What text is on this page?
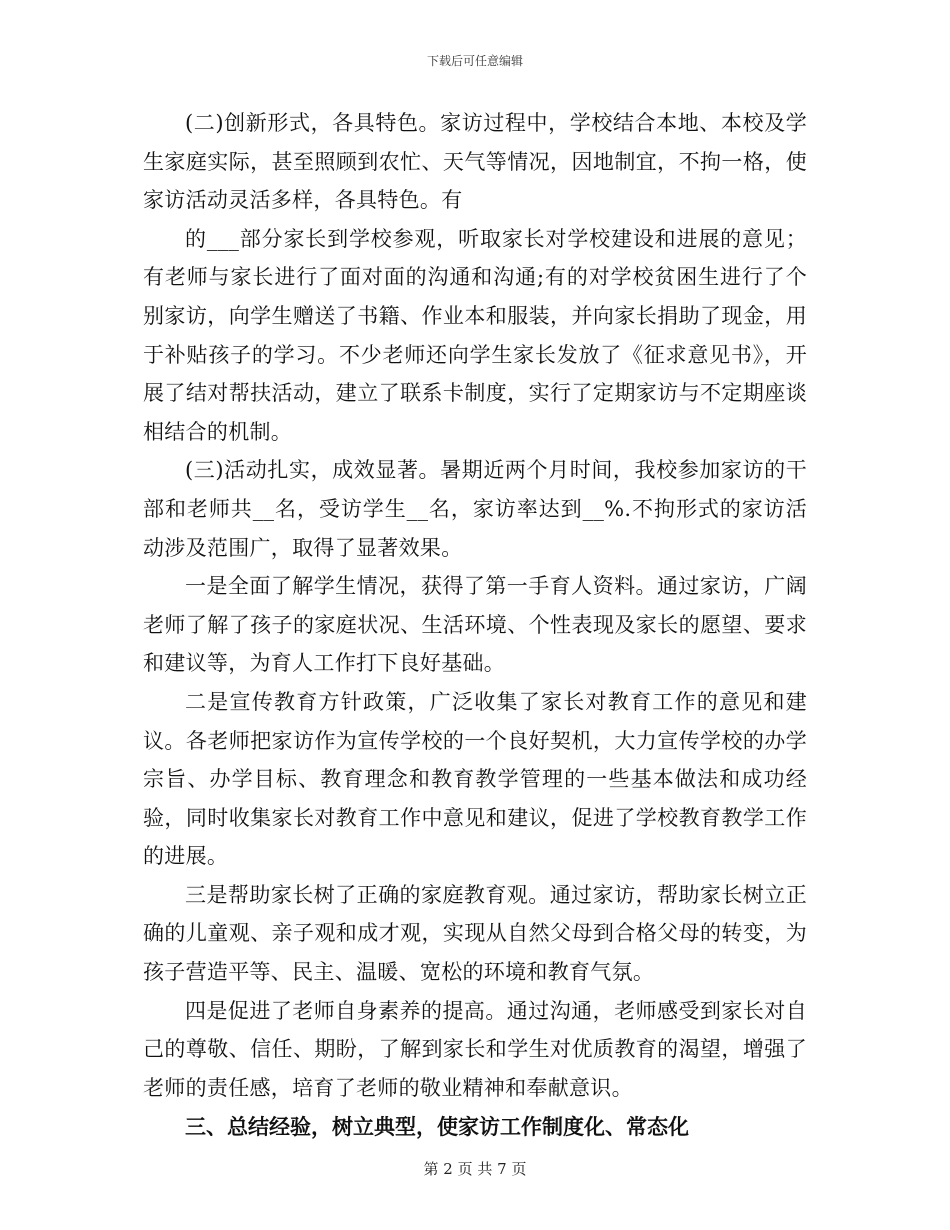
下载后可任意编辑

(二)创新形式，各具特色。家访过程中，学校结合本地、本校及学生家庭实际，甚至照顾到农忙、天气等情况，因地制宜，不拘一格，使家访活动灵活多样，各具特色。有

的___部分家长到学校参观，听取家长对学校建设和进展的意见；有老师与家长进行了面对面的沟通和沟通;有的对学校贫困生进行了个别家访，向学生赠送了书籍、作业本和服装，并向家长捐助了现金，用于补贴孩子的学习。不少老师还向学生家长发放了《征求意见书》，开展了结对帮扶活动，建立了联系卡制度，实行了定期家访与不定期座谈相结合的机制。

(三)活动扎实，成效显著。暑期近两个月时间，我校参加家访的干部和老师共__名，受访学生__名，家访率达到__%.不拘形式的家访活动涉及范围广，取得了显著效果。

一是全面了解学生情况，获得了第一手育人资料。通过家访，广阔老师了解了孩子的家庭状况、生活环境、个性表现及家长的愿望、要求和建议等，为育人工作打下良好基础。

二是宣传教育方针政策，广泛收集了家长对教育工作的意见和建议。各老师把家访作为宣传学校的一个良好契机，大力宣传学校的办学宗旨、办学目标、教育理念和教育教学管理的一些基本做法和成功经验，同时收集家长对教育工作中意见和建议，促进了学校教育教学工作的进展。

三是帮助家长树了正确的家庭教育观。通过家访，帮助家长树立正确的儿童观、亲子观和成才观，实现从自然父母到合格父母的转变，为孩子营造平等、民主、温暖、宽松的环境和教育气氛。

四是促进了老师自身素养的提高。通过沟通，老师感受到家长对自己的尊敬、信任、期盼，了解到家长和学生对优质教育的渴望，增强了老师的责任感，培育了老师的敬业精神和奉献意识。

三、总结经验，树立典型，使家访工作制度化、常态化

第 2 页 共 7 页
